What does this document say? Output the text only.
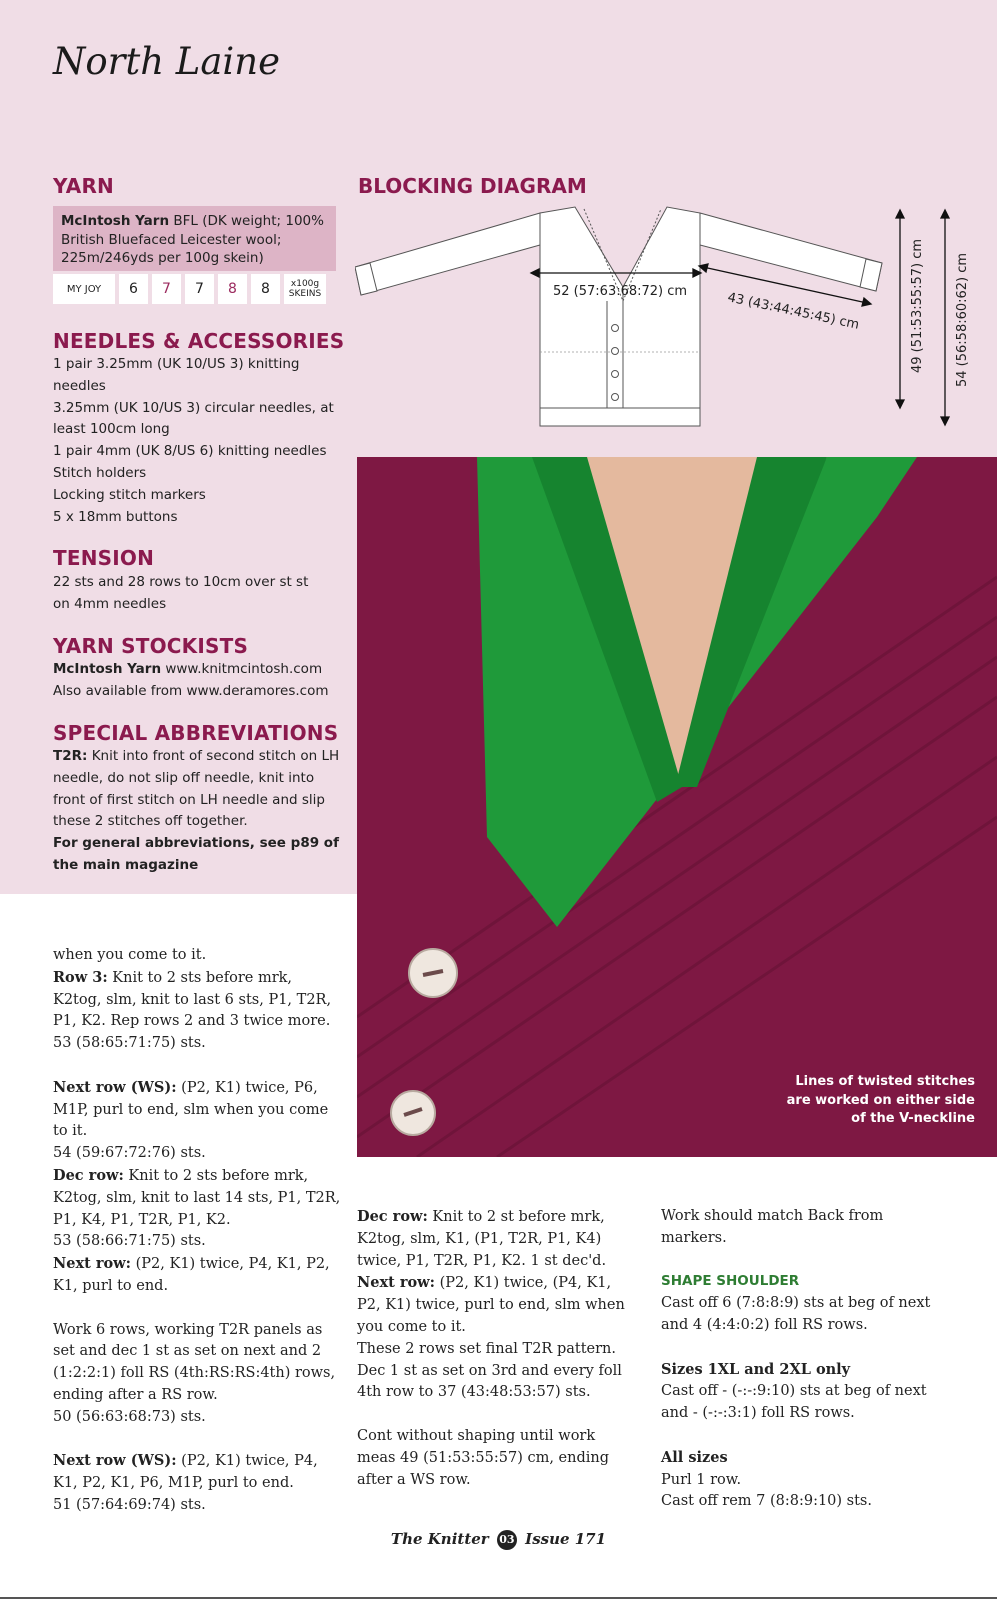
North Laine
YARN
McIntosh Yarn BFL (DK weight; 100% British Bluefaced Leicester wool; 225m/246yds per 100g skein)
MY JOY	6	7	7	8	8	x100g SKEINS
NEEDLES & ACCESSORIES
1 pair 3.25mm (UK 10/US 3) knitting needles
3.25mm (UK 10/US 3) circular needles, at least 100cm long
1 pair 4mm (UK 8/US 6) knitting needles
Stitch holders
Locking stitch markers
5 x 18mm buttons
TENSION
22 sts and 28 rows to 10cm over st st on 4mm needles
YARN STOCKISTS
McIntosh Yarn www.knitmcintosh.com
Also available from www.deramores.com
SPECIAL ABBREVIATIONS
T2R: Knit into front of second stitch on LH needle, do not slip off needle, knit into front of first stitch on LH needle and slip these 2 stitches off together.
For general abbreviations, see p89 of the main magazine
BLOCKING DIAGRAM
52 (57:63:68:72) cm	43 (43:44:45:45) cm	49 (51:53:55:57) cm 54 (56:58:60:62) cm
Lines of twisted stitches are worked on either side of the V-neckline

when you come to it.
Row 3: Knit to 2 sts before mrk, K2tog, slm, knit to last 6 sts, P1, T2R, P1, K2. Rep rows 2 and 3 twice more.
53 (58:65:71:75) sts.

Next row (WS): (P2, K1) twice, P6, M1P, purl to end, slm when you come to it.
54 (59:67:72:76) sts.
Dec row: Knit to 2 sts before mrk, K2tog, slm, knit to last 14 sts, P1, T2R, P1, K4, P1, T2R, P1, K2.
53 (58:66:71:75) sts.
Next row: (P2, K1) twice, P4, K1, P2, K1, purl to end.

Work 6 rows, working T2R panels as set and dec 1 st as set on next and 2 (1:2:2:1) foll RS (4th:RS:RS:4th) rows, ending after a RS row.
50 (56:63:68:73) sts.

Next row (WS): (P2, K1) twice, P4, K1, P2, K1, P6, M1P, purl to end.
51 (57:64:69:74) sts.

Dec row: Knit to 2 st before mrk, K2tog, slm, K1, (P1, T2R, P1, K4) twice, P1, T2R, P1, K2. 1 st dec'd.
Next row: (P2, K1) twice, (P4, K1, P2, K1) twice, purl to end, slm when you come to it.
These 2 rows set final T2R pattern. Dec 1 st as set on 3rd and every foll 4th row to 37 (43:48:53:57) sts.

Cont without shaping until work meas 49 (51:53:55:57) cm, ending after a WS row.

Work should match Back from markers.

SHAPE SHOULDER
Cast off 6 (7:8:8:9) sts at beg of next and 4 (4:4:0:2) foll RS rows.

Sizes 1XL and 2XL only
Cast off - (-:-:9:10) sts at beg of next and - (-:-:3:1) foll RS rows.

All sizes
Purl 1 row.
Cast off rem 7 (8:8:9:10) sts.

The Knitter 03 Issue 171
